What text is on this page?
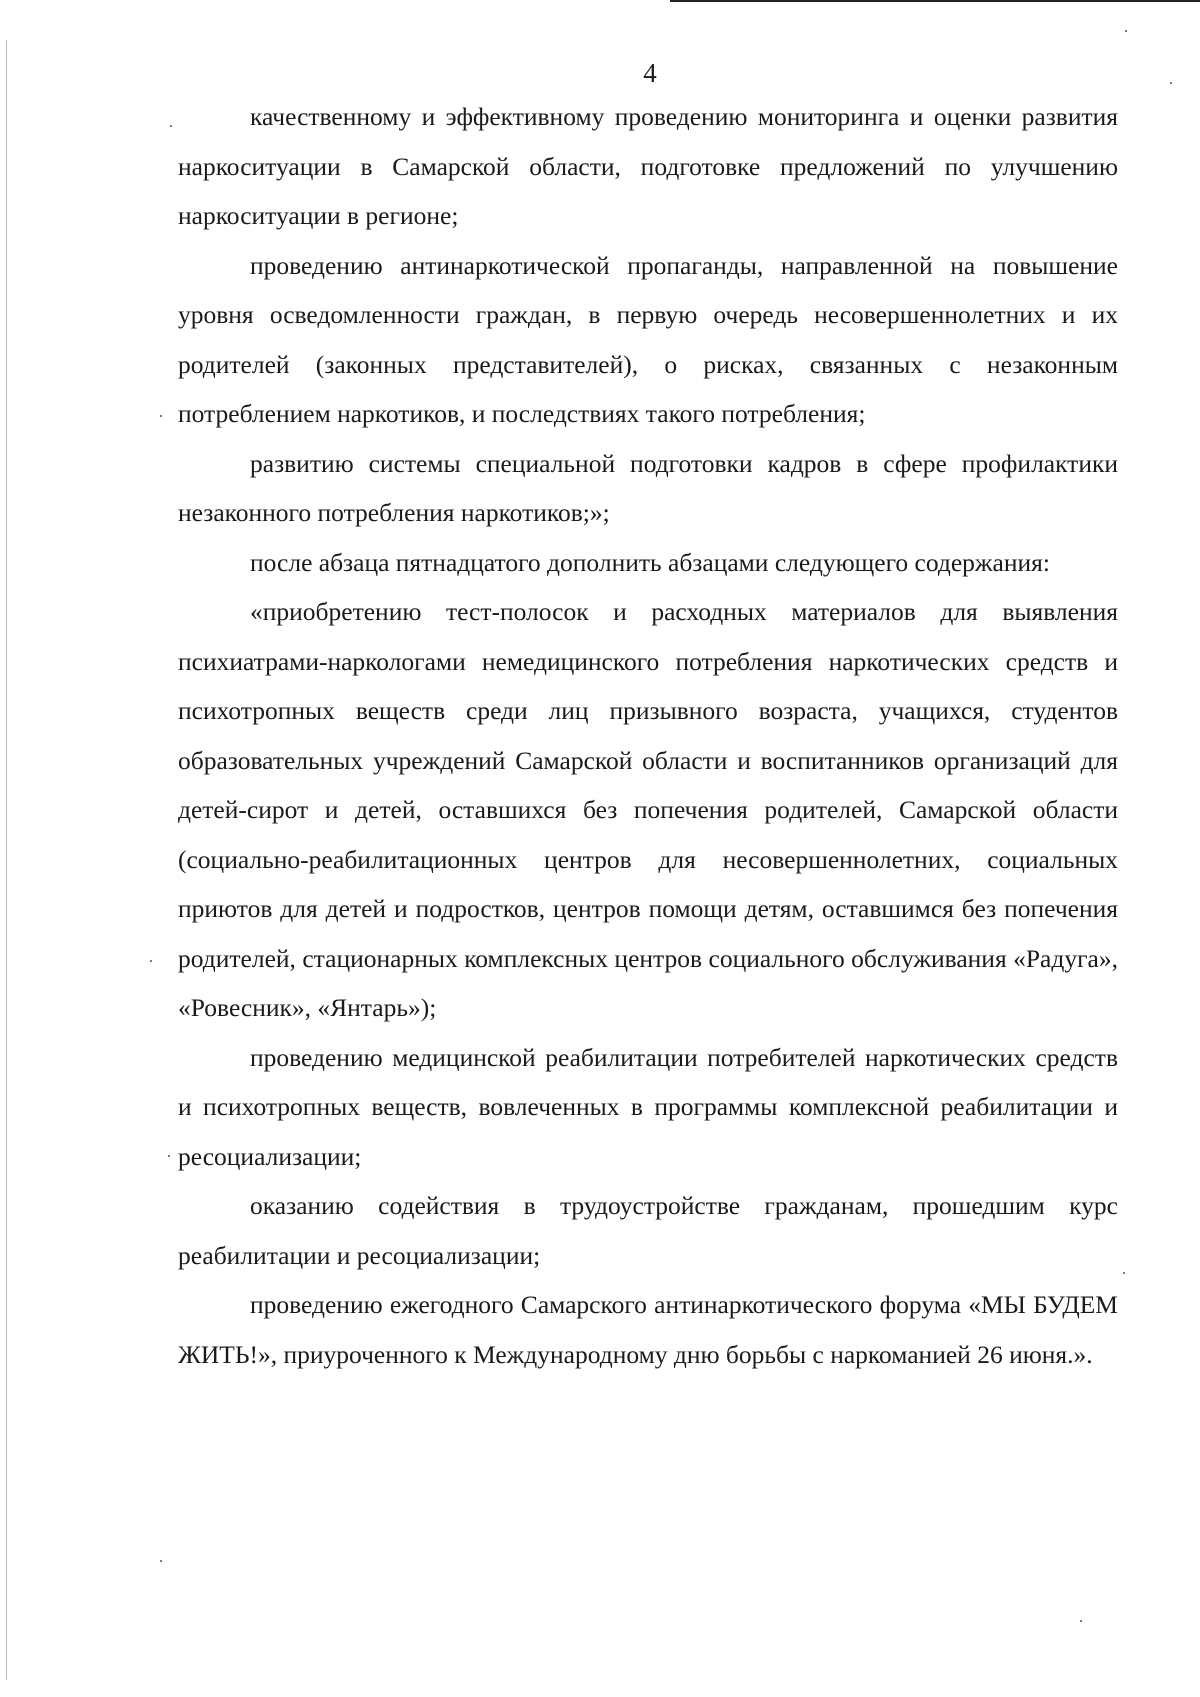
4

качественному и эффективному проведению мониторинга и оценки развития наркоситуации в Самарской области, подготовке предложений по улучшению наркоситуации в регионе;

проведению антинаркотической пропаганды, направленной на повышение уровня осведомленности граждан, в первую очередь несовершеннолетних и их родителей (законных представителей), о рисках, связанных с незаконным потреблением наркотиков, и последствиях такого потребления;

развитию системы специальной подготовки кадров в сфере профилактики незаконного потребления наркотиков;»;

после абзаца пятнадцатого дополнить абзацами следующего содержания:

«приобретению тест-полосок и расходных материалов для выявления психиатрами-наркологами немедицинского потребления наркотических средств и психотропных веществ среди лиц призывного возраста, учащихся, студентов образовательных учреждений Самарской области и воспитанников организаций для детей-сирот и детей, оставшихся без попечения родителей, Самарской области (социально-реабилитационных центров для несовершеннолетних, социальных приютов для детей и подростков, центров помощи детям, оставшимся без попечения родителей, стационарных комплексных центров социального обслуживания «Радуга», «Ровесник», «Янтарь»);

проведению медицинской реабилитации потребителей наркотических средств и психотропных веществ, вовлеченных в программы комплексной реабилитации и ресоциализации;

оказанию содействия в трудоустройстве гражданам, прошедшим курс реабилитации и ресоциализации;

проведению ежегодного Самарского антинаркотического форума «МЫ БУДЕМ ЖИТЬ!», приуроченного к Международному дню борьбы с наркоманией 26 июня.».
